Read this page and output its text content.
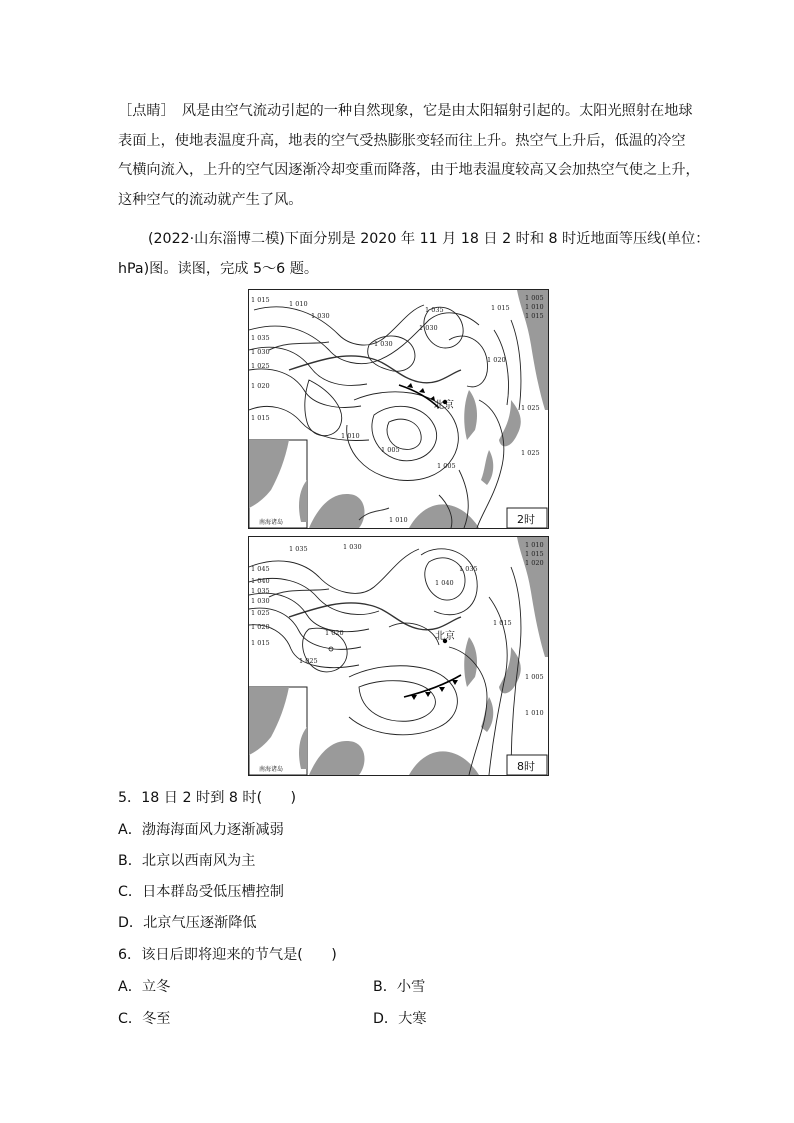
［点睛］　风是由空气流动引起的一种自然现象，它是由太阳辐射引起的。太阳光照射在地球
表面上，使地表温度升高，地表的空气受热膨胀变轻而往上升。热空气上升后，低温的冷空
气横向流入，上升的空气因逐渐冷却变重而降落，由于地表温度较高又会加热空气使之上升，
这种空气的流动就产生了风。
(2022·山东淄博二模)下面分别是 2020 年 11 月 18 日 2 时和 8 时近地面等压线(单位：
hPa)图。读图，完成 5～6 题。
1 015	1 010
1 030
1 035
1 030
1 025
1 020
1 015
1 030
1 030
1 035
1 010
1 005
1 005
1 010
1 015
1 020
1 025
1 005
1 010
1 015
1 025
北京
南海诸岛	2时
1 035	1 030
1 045
1 040
1 035
1 030
1 025
1 020
1 015
1 020
1 025
1 040
1 035
1 010
1 015
1 020
1 015
1 005
1 010
北京
南海诸岛	8时
5．18 日 2 时到 8 时(　　)
A．渤海海面风力逐渐减弱
B．北京以西南风为主
C．日本群岛受低压槽控制
D．北京气压逐渐降低
6．该日后即将迎来的节气是(　　)
A．立冬	B．小雪
C．冬至	D．大寒
